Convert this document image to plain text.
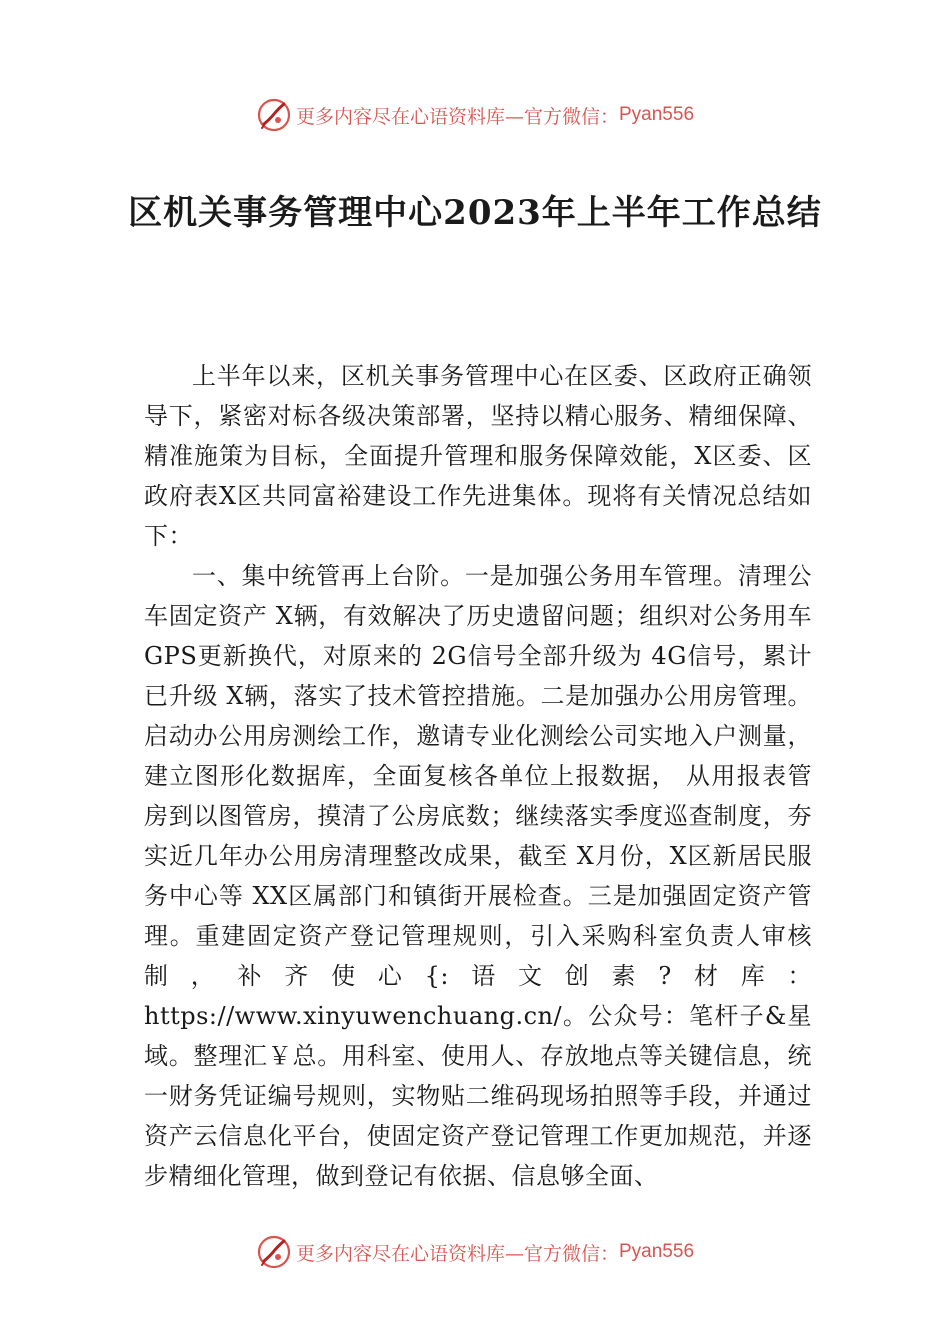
更多内容尽在心语资料库—官方微信： Pyan556
区机关事务管理中心2023年上半年工作总结

上半年以来，区机关事务管理中心在区委、区政府正确领导下，紧密对标各级决策部署，坚持以精心服务、精细保障、精准施策为目标，全面提升管理和服务保障效能，X区委、区政府表X区共同富裕建设工作先进集体。现将有关情况总结如下：

一、集中统管再上台阶。一是加强公务用车管理。清理公车固定资产 X辆，有效解决了历史遗留问题；组织对公务用车 GPS更新换代，对原来的 2G信号全部升级为 4G信号，累计已升级 X辆，落实了技术管控措施。二是加强办公用房管理。启动办公用房测绘工作，邀请专业化测绘公司实地入户测量，建立图形化数据库，全面复核各单位上报数据， 从用报表管房到以图管房，摸清了公房底数；继续落实季度巡查制度，夯实近几年办公用房清理整改成果，截至 X月份，X区新居民服务中心等 XX区属部门和镇街开展检查。三是加强固定资产管理。重建固定资产登记管理规则，引入采购科室负责人审核制，补齐使心{:语文创素?材库：https://www.xinyuwenchuang.cn/。公众号：笔杆子&星域。整理汇￥总。用科室、使用人、存放地点等关键信息，统一财务凭证编号规则，实物贴二维码现场拍照等手段，并通过资产云信息化平台，使固定资产登记管理工作更加规范，并逐步精细化管理，做到登记有依据、信息够全面、

更多内容尽在心语资料库—官方微信： Pyan556
